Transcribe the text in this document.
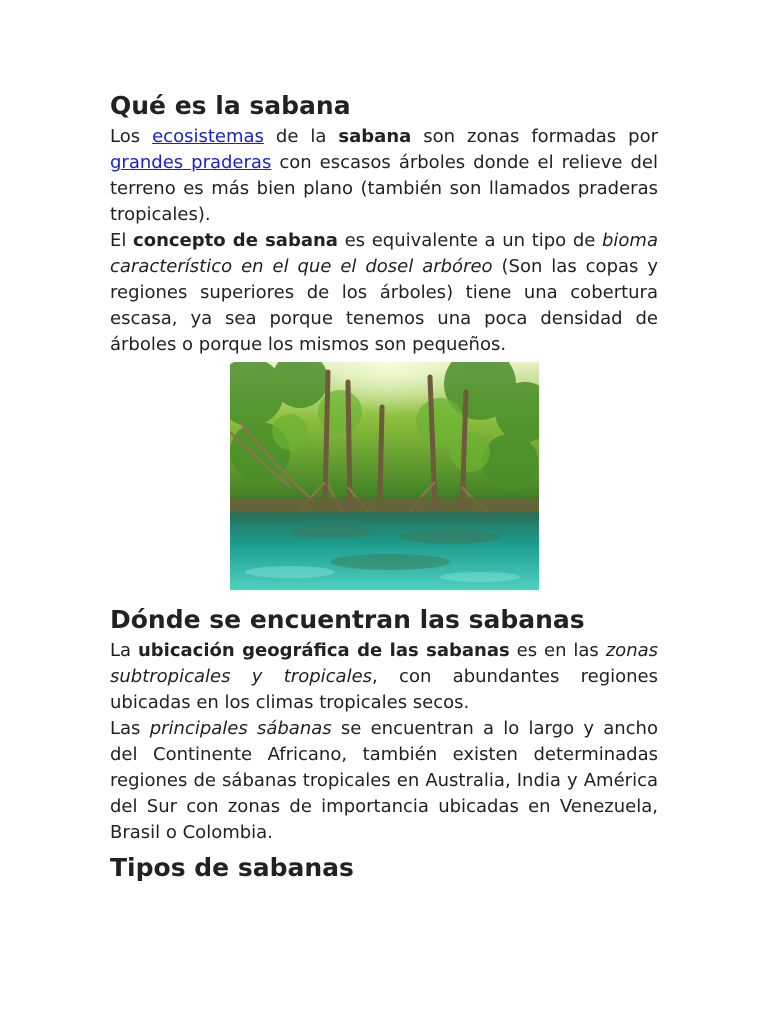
Qué es la sabana

Los ecosistemas de la sabana son zonas formadas por grandes praderas con escasos árboles donde el relieve del terreno es más bien plano (también son llamados praderas tropicales).

El concepto de sabana es equivalente a un tipo de bioma característico en el que el dosel arbóreo (Son las copas y regiones superiores de los árboles) tiene una cobertura escasa, ya sea porque tenemos una poca densidad de árboles o porque los mismos son pequeños.

Dónde se encuentran las sabanas

La ubicación geográfica de las sabanas es en las zonas subtropicales y tropicales, con abundantes regiones ubicadas en los climas tropicales secos.

Las principales sábanas se encuentran a lo largo y ancho del Continente Africano, también existen determinadas regiones de sábanas tropicales en Australia, India y América del Sur con zonas de importancia ubicadas en Venezuela, Brasil o Colombia.

Tipos de sabanas
